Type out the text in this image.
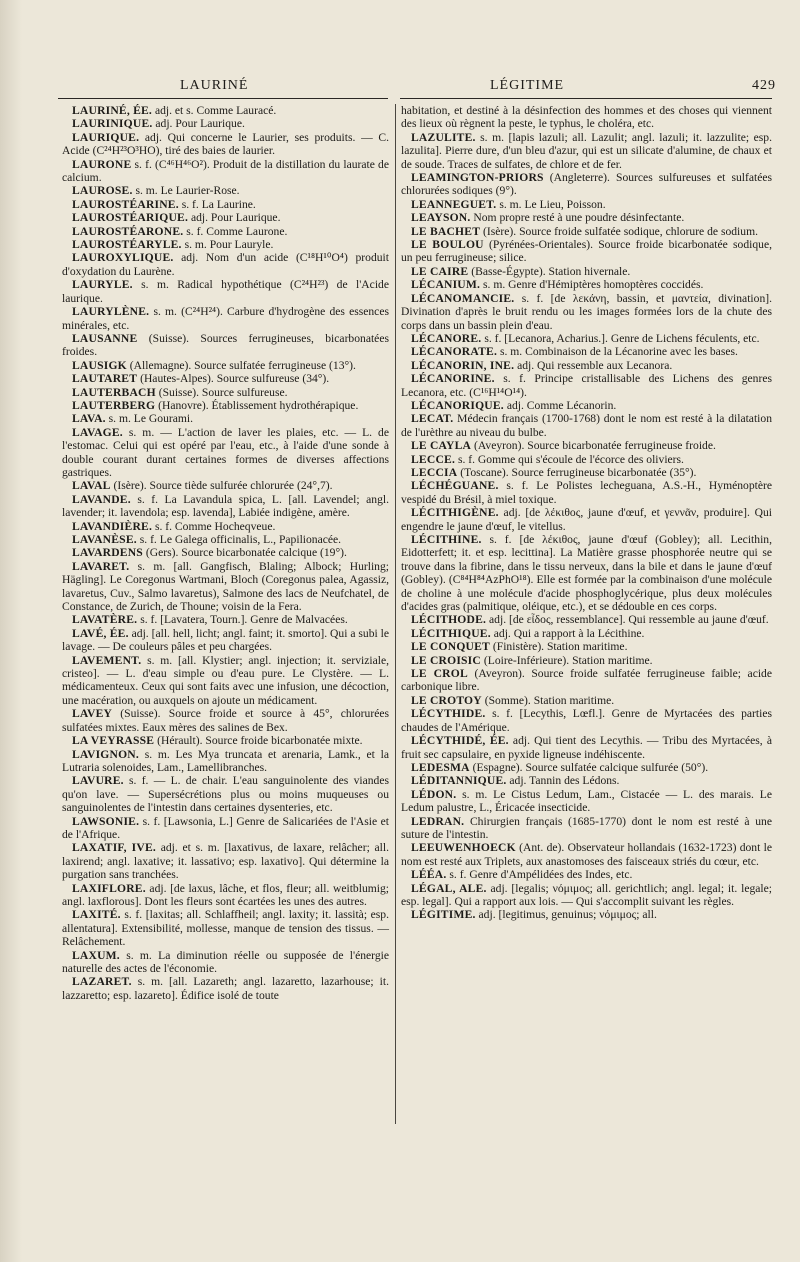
LAURINÉ	LÉGITIME	429

LAURINÉ, ÉE. adj. et s. Comme Lauracé.

LAURINIQUE. adj. Pour Laurique.

LAURIQUE. adj. Qui concerne le Laurier, ses produits. — C. Acide (C²⁴H²³O³HO), tiré des baies de laurier.

LAURONE s. f. (C⁴⁶H⁴⁶O²). Produit de la distillation du laurate de calcium.

LAUROSE. s. m. Le Laurier-Rose.

LAUROSTÉARINE. s. f. La Laurine.

LAUROSTÉARIQUE. adj. Pour Laurique.

LAUROSTÉARONE. s. f. Comme Laurone.

LAUROSTÉARYLE. s. m. Pour Lauryle.

LAUROXYLIQUE. adj. Nom d'un acide (C¹⁸H¹⁰O⁴) produit d'oxydation du Laurène.

LAURYLE. s. m. Radical hypothétique (C²⁴H²³) de l'Acide laurique.

LAURYLÈNE. s. m. (C²⁴H²⁴). Carbure d'hydrogène des essences minérales, etc.

LAUSANNE (Suisse). Sources ferrugineuses, bicarbonatées froides.

LAUSIGK (Allemagne). Source sulfatée ferrugineuse (13°).

LAUTARET (Hautes-Alpes). Source sulfureuse (34°).

LAUTERBACH (Suisse). Source sulfureuse.

LAUTERBERG (Hanovre). Établissement hydrothérapique.

LAVA. s. m. Le Gourami.

LAVAGE. s. m. — L'action de laver les plaies, etc. — L. de l'estomac. Celui qui est opéré par l'eau, etc., à l'aide d'une sonde à double courant durant certaines formes de diverses affections gastriques.

LAVAL (Isère). Source tiède sulfurée chlorurée (24°,7).

LAVANDE. s. f. La Lavandula spica, L. [all. Lavendel; angl. lavender; it. lavendola; esp. lavenda], Labiée indigène, amère.

LAVANDIÈRE. s. f. Comme Hocheqveue.

LAVANÈSE. s. f. Le Galega officinalis, L., Papilionacée.

LAVARDENS (Gers). Source bicarbonatée calcique (19°).

LAVARET. s. m. [all. Gangfisch, Blaling; Albock; Hurling; Hägling]. Le Coregonus Wartmani, Bloch (Coregonus palea, Agassiz, lavaretus, Cuv., Salmo lavaretus), Salmone des lacs de Neufchatel, de Constance, de Zurich, de Thoune; voisin de la Fera.

LAVATÈRE. s. f. [Lavatera, Tourn.]. Genre de Malvacées.

LAVÉ, ÉE. adj. [all. hell, licht; angl. faint; it. smorto]. Qui a subi le lavage. — De couleurs pâles et peu chargées.

LAVEMENT. s. m. [all. Klystier; angl. injection; it. serviziale, cristeo]. — L. d'eau simple ou d'eau pure. Le Clystère. — L. médicamenteux. Ceux qui sont faits avec une infusion, une décoction, une macération, ou auxquels on ajoute un médicament.

LAVEY (Suisse). Source froide et source à 45°, chlorurées sulfatées mixtes. Eaux mères des salines de Bex.

LA VEYRASSE (Hérault). Source froide bicarbonatée mixte.

LAVIGNON. s. m. Les Mya truncata et arenaria, Lamk., et la Lutraria solenoides, Lam., Lamellibranches.

LAVURE. s. f. — L. de chair. L'eau sanguinolente des viandes qu'on lave. — Supersécrétions plus ou moins muqueuses ou sanguinolentes de l'intestin dans certaines dysenteries, etc.

LAWSONIE. s. f. [Lawsonia, L.] Genre de Salicariées de l'Asie et de l'Afrique.

LAXATIF, IVE. adj. et s. m. [laxativus, de laxare, relâcher; all. laxirend; angl. laxative; it. lassativo; esp. laxativo]. Qui détermine la purgation sans tranchées.

LAXIFLORE. adj. [de laxus, lâche, et flos, fleur; all. weitblumig; angl. laxflorous]. Dont les fleurs sont écartées les unes des autres.

LAXITÉ. s. f. [laxitas; all. Schlaffheil; angl. laxity; it. lassità; esp. allentatura]. Extensibilité, mollesse, manque de tension des tissus. — Relâchement.

LAXUM. s. m. La diminution réelle ou supposée de l'énergie naturelle des actes de l'économie.

LAZARET. s. m. [all. Lazareth; angl. lazaretto, lazarhouse; it. lazzaretto; esp. lazareto]. Édifice isolé de toute

habitation, et destiné à la désinfection des hommes et des choses qui viennent des lieux où règnent la peste, le typhus, le choléra, etc.

LAZULITE. s. m. [lapis lazuli; all. Lazulit; angl. lazuli; it. lazzulite; esp. lazulita]. Pierre dure, d'un bleu d'azur, qui est un silicate d'alumine, de chaux et de soude. Traces de sulfates, de chlore et de fer.

LEAMINGTON-PRIORS (Angleterre). Sources sulfureuses et sulfatées chlorurées sodiques (9°).

LEANNEGUET. s. m. Le Lieu, Poisson.

LEAYSON. Nom propre resté à une poudre désinfectante.

LE BACHET (Isère). Source froide sulfatée sodique, chlorure de sodium.

LE BOULOU (Pyrénées-Orientales). Source froide bicarbonatée sodique, un peu ferrugineuse; silice.

LE CAIRE (Basse-Égypte). Station hivernale.

LÉCANIUM. s. m. Genre d'Hémiptères homoptères coccidés.

LÉCANOMANCIE. s. f. [de λεκάνη, bassin, et μαντεία, divination]. Divination d'après le bruit rendu ou les images formées lors de la chute des corps dans un bassin plein d'eau.

LÉCANORE. s. f. [Lecanora, Acharius.]. Genre de Lichens féculents, etc.

LÉCANORATE. s. m. Combinaison de la Lécanorine avec les bases.

LÉCANORIN, INE. adj. Qui ressemble aux Lecanora.

LÉCANORINE. s. f. Principe cristallisable des Lichens des genres Lecanora, etc. (C¹⁶H¹⁴O¹⁴).

LÉCANORIQUE. adj. Comme Lécanorin.

LECAT. Médecin français (1700-1768) dont le nom est resté à la dilatation de l'urèthre au niveau du bulbe.

LE CAYLA (Aveyron). Source bicarbonatée ferrugineuse froide.

LECCE. s. f. Gomme qui s'écoule de l'écorce des oliviers.

LECCIA (Toscane). Source ferrugineuse bicarbonatée (35°).

LÉCHÉGUANE. s. f. Le Polistes lecheguana, A.S.-H., Hyménoptère vespidé du Brésil, à miel toxique.

LÉCITHIGÈNE. adj. [de λέκιθος, jaune d'œuf, et γεννᾶν, produire]. Qui engendre le jaune d'œuf, le vitellus.

LÉCITHINE. s. f. [de λέκιθος, jaune d'œuf (Gobley); all. Lecithin, Eidotterfett; it. et esp. lecittina]. La Matière grasse phosphorée neutre qui se trouve dans la fibrine, dans le tissu nerveux, dans la bile et dans le jaune d'œuf (Gobley). (C⁸⁴H⁸⁴AzPhO¹⁸). Elle est formée par la combinaison d'une molécule de choline à une molécule d'acide phosphoglycérique, plus deux molécules d'acides gras (palmitique, oléique, etc.), et se dédouble en ces corps.

LÉCITHODE. adj. [de εἶδος, ressemblance]. Qui ressemble au jaune d'œuf.

LÉCITHIQUE. adj. Qui a rapport à la Lécithine.

LE CONQUET (Finistère). Station maritime.

LE CROISIC (Loire-Inférieure). Station maritime.

LE CROL (Aveyron). Source froide sulfatée ferrugineuse faible; acide carbonique libre.

LE CROTOY (Somme). Station maritime.

LÉCYTHIDE. s. f. [Lecythis, Lœfl.]. Genre de Myrtacées des parties chaudes de l'Amérique.

LÉCYTHIDÉ, ÉE. adj. Qui tient des Lecythis. — Tribu des Myrtacées, à fruit sec capsulaire, en pyxide ligneuse indéhiscente.

LEDESMA (Espagne). Source sulfatée calcique sulfurée (50°).

LÉDITANNIQUE. adj. Tannin des Lédons.

LÉDON. s. m. Le Cistus Ledum, Lam., Cistacée — L. des marais. Le Ledum palustre, L., Éricacée insecticide.

LEDRAN. Chirurgien français (1685-1770) dont le nom est resté à une suture de l'intestin.

LEEUWENHOECK (Ant. de). Observateur hollandais (1632-1723) dont le nom est resté aux Triplets, aux anastomoses des faisceaux striés du cœur, etc.

LÉÉA. s. f. Genre d'Ampélidées des Indes, etc.

LÉGAL, ALE. adj. [legalis; νόμιμος; all. gerichtlich; angl. legal; it. legale; esp. legal]. Qui a rapport aux lois. — Qui s'accomplit suivant les règles.

LÉGITIME. adj. [legitimus, genuinus; νόμιμος; all.
